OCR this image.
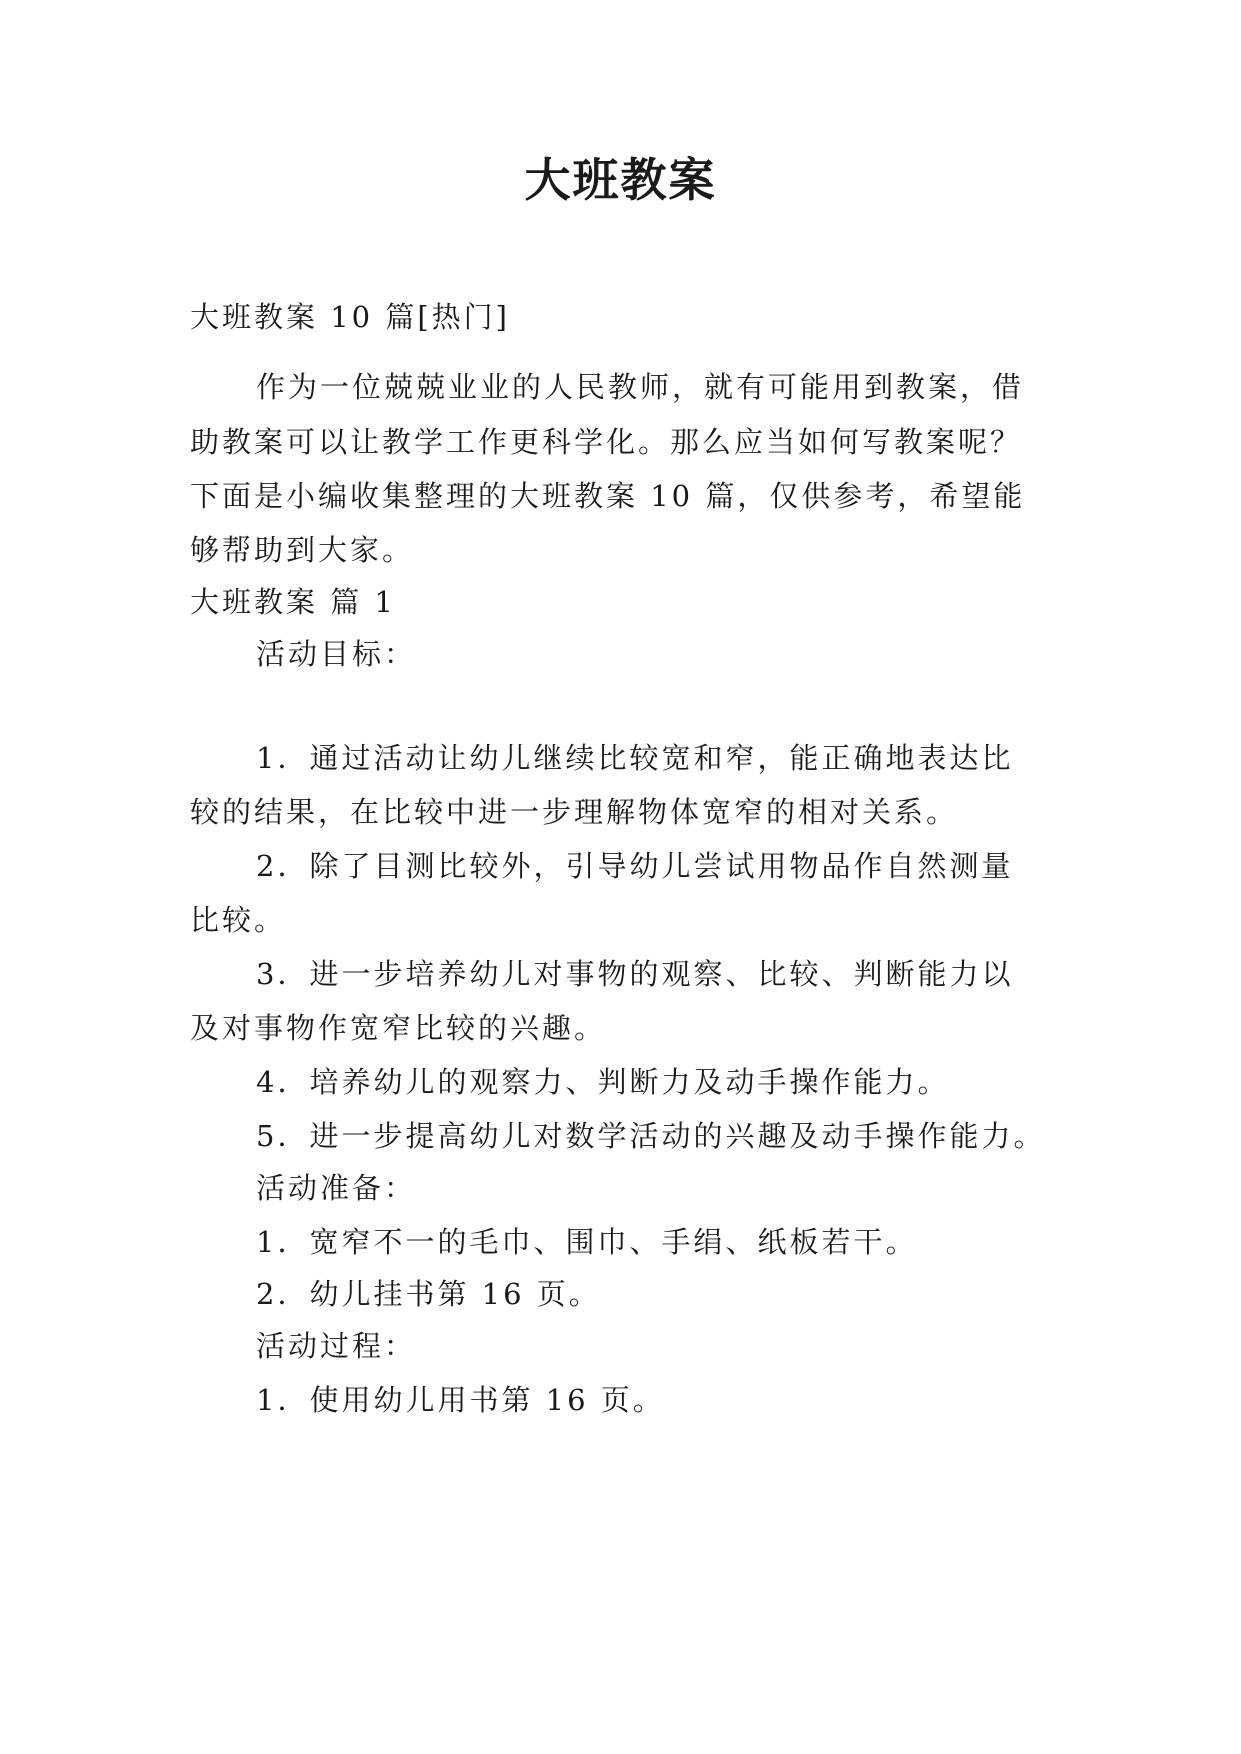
大班教案
大班教案 10 篇[热门]
作为一位兢兢业业的人民教师，就有可能用到教案，借
助教案可以让教学工作更科学化。那么应当如何写教案呢？
下面是小编收集整理的大班教案 10 篇，仅供参考，希望能
够帮助到大家。
大班教案 篇 1
活动目标：
1．通过活动让幼儿继续比较宽和窄，能正确地表达比
较的结果，在比较中进一步理解物体宽窄的相对关系。
2．除了目测比较外，引导幼儿尝试用物品作自然测量
比较。
3．进一步培养幼儿对事物的观察、比较、判断能力以
及对事物作宽窄比较的兴趣。
4．培养幼儿的观察力、判断力及动手操作能力。
5．进一步提高幼儿对数学活动的兴趣及动手操作能力。
活动准备：
1．宽窄不一的毛巾、围巾、手绢、纸板若干。
2．幼儿挂书第 16 页。
活动过程：
1．使用幼儿用书第 16 页。
